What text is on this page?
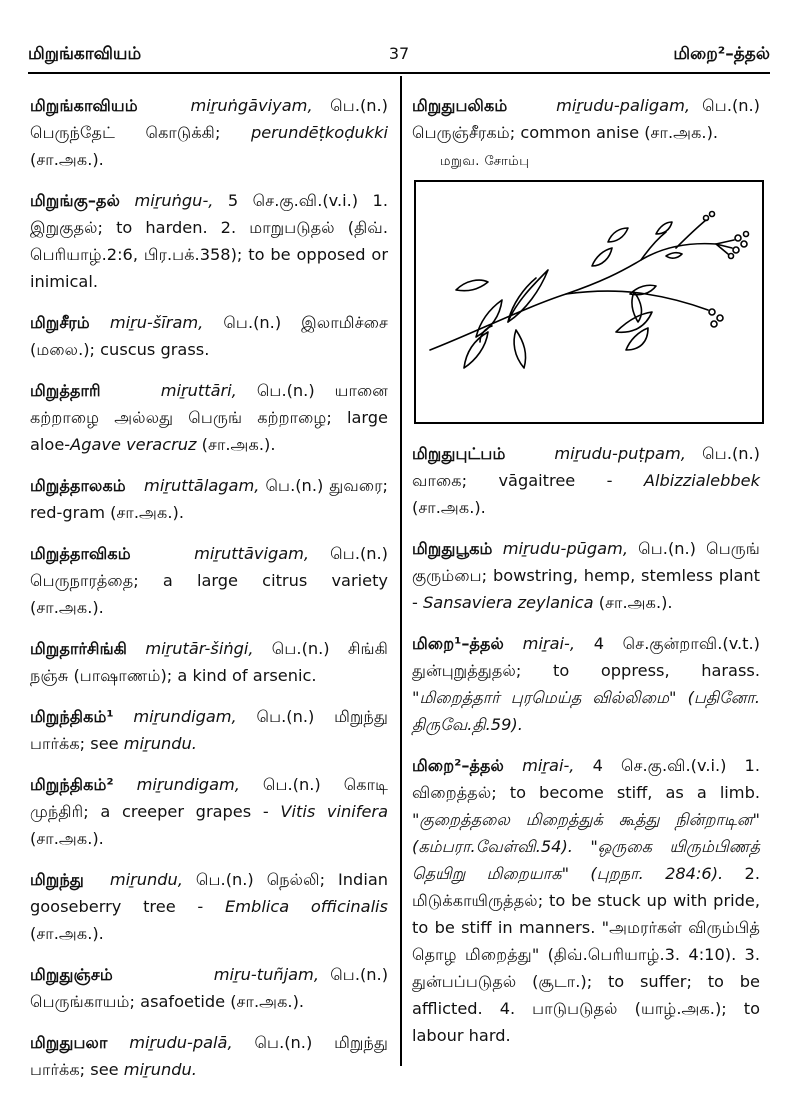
மிறுங்காவியம்	37	மிறை²–த்தல்
மிறுங்காவியம்	miṟuṅgāviyam, பெ.(n.) பெருந்தேட் கொடுக்கி; perundēṭkoḍukki (சா.அக.).
மிறுங்கு–தல் miṟuṅgu-, 5 செ.கு.வி.(v.i.) 1. இறுகுதல்; to harden. 2. மாறுபடுதல் (திவ். பெரியாழ்.2:6, பிர.பக்.358); to be opposed or inimical.
மிறுசீரம் miṟu-šīram, பெ.(n.) இலாமிச்சை (மலை.); cuscus grass.
மிறுத்தாரி	miṟuttāri, பெ.(n.) யானை கற்றாழை அல்லது பெருங் கற்றாழை; large aloe-Agave veracruz (சா.அக.).
மிறுத்தாலகம் miṟuttālagam, பெ.(n.) துவரை; red-gram (சா.அக.).
மிறுத்தாவிகம்	miṟuttāvigam, பெ.(n.) பெருநாரத்தை; a large citrus variety (சா.அக.).
மிறுதார்சிங்கி miṟutār-šiṅgi, பெ.(n.) சிங்கி நஞ்சு (பாஷாணம்); a kind of arsenic.
மிறுந்திகம்¹ miṟundigam, பெ.(n.) மிறுந்து பார்க்க; see miṟundu.
மிறுந்திகம்² miṟundigam, பெ.(n.) கொடி முந்திரி; a creeper grapes - Vitis vinifera (சா.அக.).
மிறுந்து miṟundu, பெ.(n.) நெல்லி; Indian gooseberry tree - Emblica officinalis (சா.அக.).
மிறுதுஞ்சம்	miṟu-tuñjam, பெ.(n.) பெருங்காயம்; asafoetide (சா.அக.).
மிறுதுபலா miṟudu-palā, பெ.(n.) மிறுந்து பார்க்க; see miṟundu.
மிறுதுபலிகம்	miṟudu-paligam, பெ.(n.) பெருஞ்சீரகம்; common anise (சா.அக.).
மறுவ. சோம்பு
மிறுதுபுட்பம்	miṟudu-puṭpam, பெ.(n.) வாகை; vāgaitree - Albizzialebbek (சா.அக.).
மிறுதுபூகம் miṟudu-pūgam, பெ.(n.) பெருங் குரும்பை; bowstring, hemp, stemless plant - Sansaviera zeylanica (சா.அக.).
மிறை¹–த்தல் miṟai-, 4 செ.குன்றாவி.(v.t.) துன்புறுத்துதல்; to oppress, harass. "மிறைத்தார் புரமெய்த வில்லிமை" (பதினோ. திருவே.தி.59).
மிறை²–த்தல் miṟai-, 4 செ.கு.வி.(v.i.) 1. விறைத்தல்; to become stiff, as a limb. "குறைத்தலை மிறைத்துக் கூத்து நின்றாடின" (கம்பரா.வேள்வி.54). "ஒருகை யிரும்பிணத் தெயிறு மிறையாக" (புறநா. 284:6). 2. மிடுக்காயிருத்தல்; to be stuck up with pride, to be stiff in manners. "அமரர்கள் விரும்பித் தொழ மிறைத்து" (திவ்.பெரியாழ்.3. 4:10). 3. துன்பப்படுதல் (சூடா.); to suffer; to be afflicted. 4. பாடுபடுதல் (யாழ்.அக.); to labour hard.
